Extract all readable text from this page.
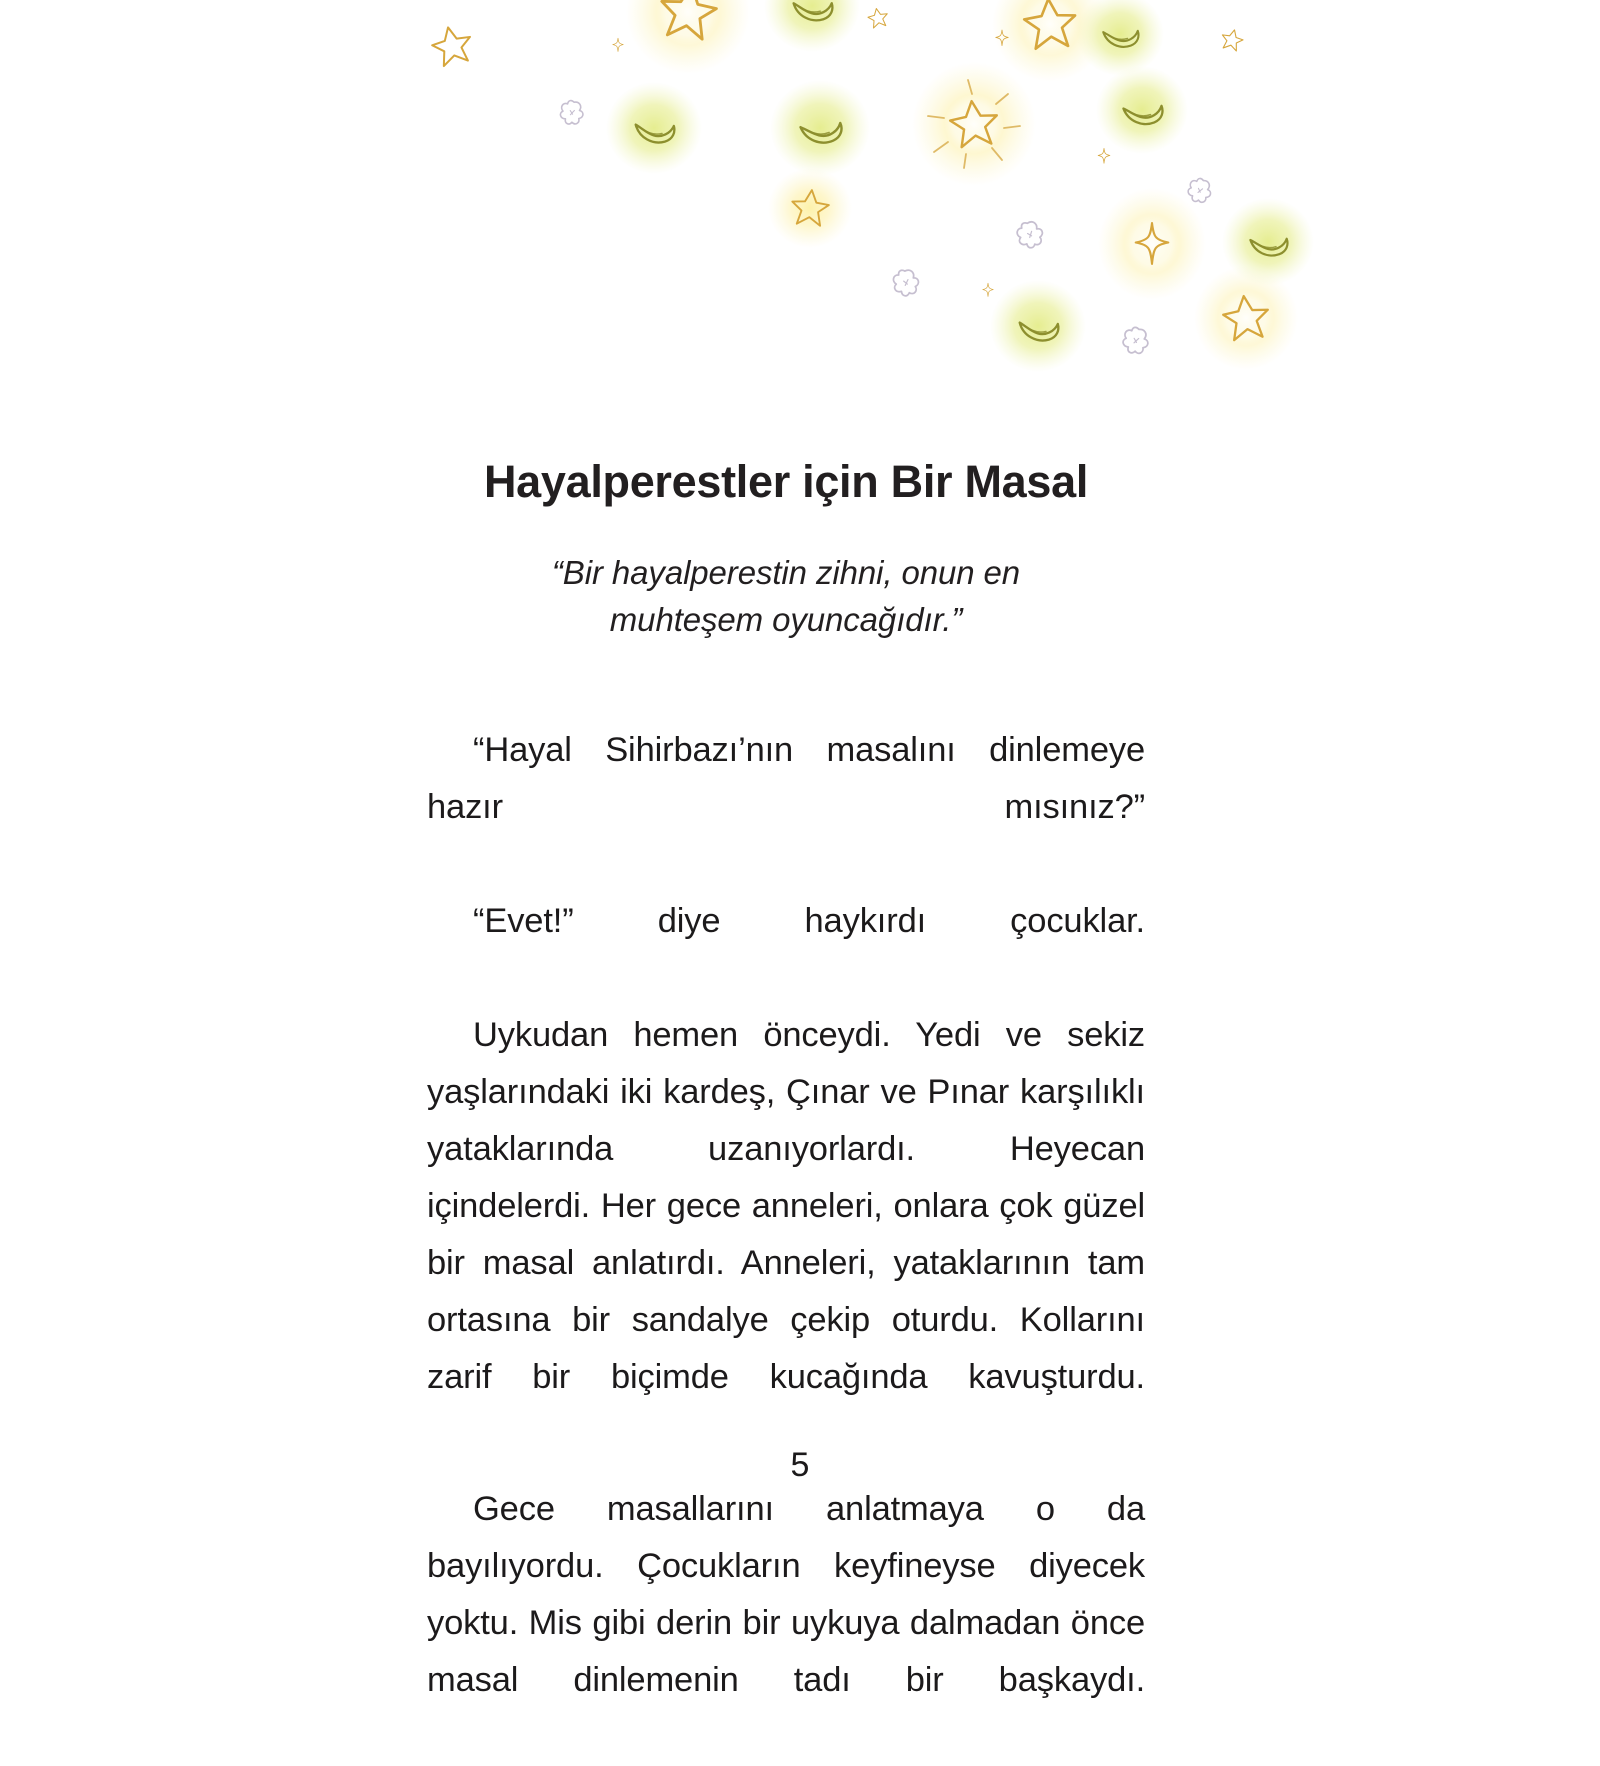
Hayalperestler için Bir Masal

“Bir hayalperestin zihni, onun en muhteşem oyuncağıdır.”

“Hayal Sihirbazı’nın masalını dinlemeye hazır mısınız?”

“Evet!” diye haykırdı çocuklar.

Uykudan hemen önceydi. Yedi ve sekiz yaşlarındaki iki kardeş, Çınar ve Pınar karşılıklı yataklarında uzanıyorlardı. Heyecan içindelerdi. Her gece anneleri, onlara çok güzel bir masal anlatırdı. Anneleri, yataklarının tam ortasına bir sandalye çekip oturdu. Kollarını zarif bir biçimde kucağında kavuşturdu.

Gece masallarını anlatmaya o da bayılıyordu. Çocukların keyfineyse diyecek yoktu. Mis gibi derin bir uykuya dalmadan önce masal dinlemenin tadı bir başkaydı.

5
